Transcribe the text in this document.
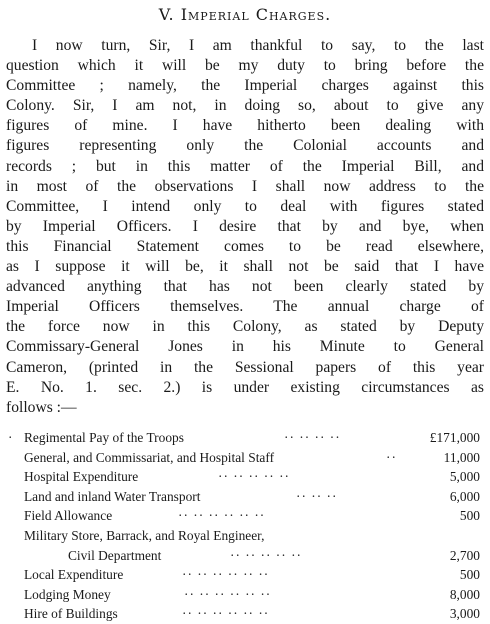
V. Imperial Charges.
I now turn, Sir, I am thankful to say, to the last
question which it will be my duty to bring before the
Committee ; namely, the Imperial charges against this
Colony. Sir, I am not, in doing so, about to give any
figures of mine. I have hitherto been dealing with
figures representing only the Colonial accounts and
records ; but in this matter of the Imperial Bill, and
in most of the observations I shall now address to the
Committee, I intend only to deal with figures stated
by Imperial Officers. I desire that by and bye, when
this Financial Statement comes to be read elsewhere,
as I suppose it will be, it shall not be said that I have
advanced anything that has not been clearly stated by
Imperial Officers themselves. The annual charge of
the force now in this Colony, as stated by Deputy
Commissary-General Jones in his Minute to General
Cameron, (printed in the Sessional papers of this year
E. No. 1. sec. 2.) is under existing circumstances as
follows :—
· Regimental Pay of the Troops	·· ·· ·· ··	£171,000
General, and Commissariat, and Hospital Staff	··	11,000
Hospital Expenditure	·· ·· ·· ·· ··	5,000
Land and inland Water Transport	·· ·· ··	6,000
Field Allowance	·· ·· ·· ·· ·· ··	500
Military Store, Barrack, and Royal Engineer,
Civil Department	·· ·· ·· ·· ··	2,700
Local Expenditure	·· ·· ·· ·· ·· ··	500
Lodging Money	·· ·· ·· ·· ·· ··	8,000
Hire of Buildings	·· ·· ·· ·· ·· ··	3,000
